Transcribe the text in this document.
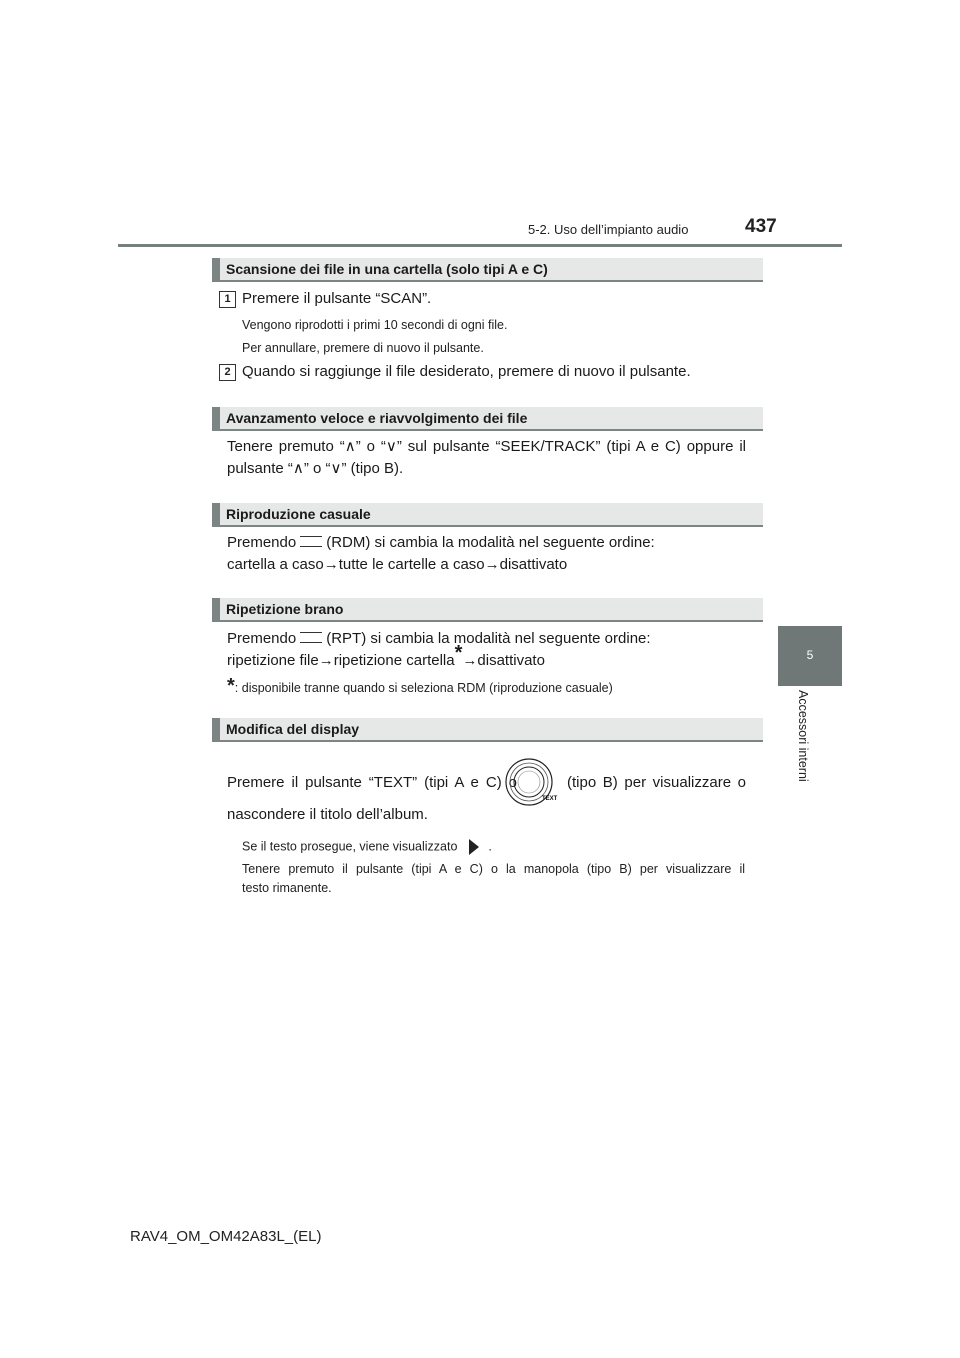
5-2. Uso dell’impianto audio	437
5
Accessori interni
Scansione dei file in una cartella (solo tipi A e C)
1 Premere il pulsante “SCAN”.
Vengono riprodotti i primi 10 secondi di ogni file.
Per annullare, premere di nuovo il pulsante.
2 Quando si raggiunge il file desiderato, premere di nuovo il pulsante.
Avanzamento veloce e riavvolgimento dei file
Tenere premuto “∧” o “∨” sul pulsante “SEEK/TRACK” (tipi A e C) oppure il
pulsante “∧” o “∨” (tipo B).
Riproduzione casuale
Premendo (RDM) si cambia la modalità nel seguente ordine:
cartella a caso→tutte le cartelle a caso→disattivato
Ripetizione brano
Premendo (RPT) si cambia la modalità nel seguente ordine:
ripetizione file→ripetizione cartella*→disattivato
*: disponibile tranne quando si seleziona RDM (riproduzione casuale)
Modifica del display
Premere il pulsante “TEXT” (tipi A e C) o
TEXT
(tipo B) per visualizzare o
nascondere il titolo dell’album.
Se il testo prosegue, viene visualizzato .
Tenere premuto il pulsante (tipi A e C) o la manopola (tipo B) per visualizzare il
testo rimanente.
RAV4_OM_OM42A83L_(EL)
